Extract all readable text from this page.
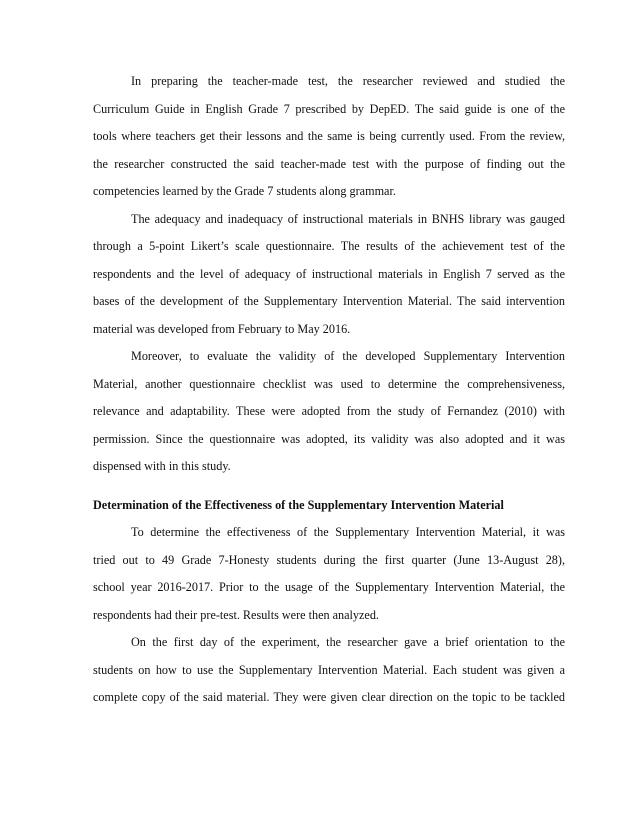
In preparing the teacher-made test, the researcher reviewed and studied the
Curriculum Guide in English Grade 7 prescribed by DepED. The said guide is one of the
tools where teachers get their lessons and the same is being currently used. From the review,
the researcher constructed the said teacher-made test with the purpose of finding out the
competencies learned by the Grade 7 students along grammar.
The adequacy and inadequacy of instructional materials in BNHS library was gauged
through a 5-point Likert’s scale questionnaire. The results of the achievement test of the
respondents and the level of adequacy of instructional materials in English 7 served as the
bases of the development of the Supplementary Intervention Material. The said intervention
material was developed from February to May 2016.
Moreover, to evaluate the validity of the developed Supplementary Intervention
Material, another questionnaire checklist was used to determine the comprehensiveness,
relevance and adaptability. These were adopted from the study of Fernandez (2010) with
permission. Since the questionnaire was adopted, its validity was also adopted and it was
dispensed with in this study.
Determination of the Effectiveness of the Supplementary Intervention Material
To determine the effectiveness of the Supplementary Intervention Material, it was
tried out to 49 Grade 7-Honesty students during the first quarter (June 13-August 28),
school year 2016-2017. Prior to the usage of the Supplementary Intervention Material, the
respondents had their pre-test. Results were then analyzed.
On the first day of the experiment, the researcher gave a brief orientation to the
students on how to use the Supplementary Intervention Material. Each student was given a
complete copy of the said material. They were given clear direction on the topic to be tackled
